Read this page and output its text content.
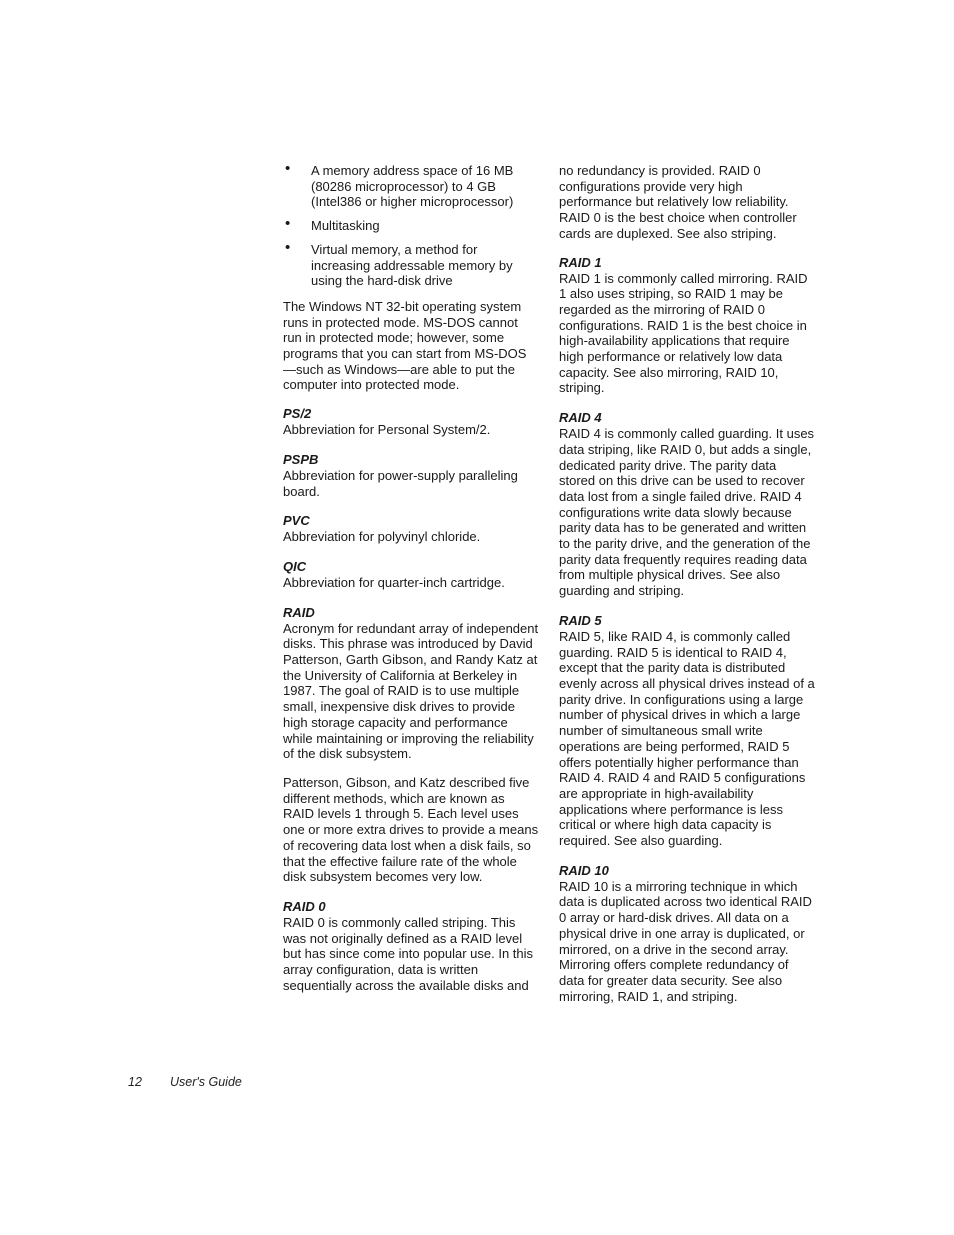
• A memory address space of 16 MB (80286 microprocessor) to 4 GB (Intel386 or higher microprocessor)
• Multitasking
• Virtual memory, a method for increasing addressable memory by using the hard-disk drive

The Windows NT 32-bit operating system runs in protected mode. MS-DOS cannot run in protected mode; however, some programs that you can start from MS-DOS—such as Windows—are able to put the computer into protected mode.

PS/2

Abbreviation for Personal System/2.

PSPB

Abbreviation for power-supply paralleling board.

PVC

Abbreviation for polyvinyl chloride.

QIC

Abbreviation for quarter-inch cartridge.

RAID

Acronym for redundant array of independent disks. This phrase was introduced by David Patterson, Garth Gibson, and Randy Katz at the University of California at Berkeley in 1987. The goal of RAID is to use multiple small, inexpensive disk drives to provide high storage capacity and performance while maintaining or improving the reliability of the disk subsystem.

Patterson, Gibson, and Katz described five different methods, which are known as RAID levels 1 through 5. Each level uses one or more extra drives to provide a means of recovering data lost when a disk fails, so that the effective failure rate of the whole disk subsystem becomes very low.

RAID 0

RAID 0 is commonly called striping. This was not originally defined as a RAID level but has since come into popular use. In this array configuration, data is written sequentially across the available disks and

no redundancy is provided. RAID 0 configurations provide very high performance but relatively low reliability. RAID 0 is the best choice when controller cards are duplexed. See also striping.

RAID 1

RAID 1 is commonly called mirroring. RAID 1 also uses striping, so RAID 1 may be regarded as the mirroring of RAID 0 configurations. RAID 1 is the best choice in high-availability applications that require high performance or relatively low data capacity. See also mirroring, RAID 10, striping.

RAID 4

RAID 4 is commonly called guarding. It uses data striping, like RAID 0, but adds a single, dedicated parity drive. The parity data stored on this drive can be used to recover data lost from a single failed drive. RAID 4 configurations write data slowly because parity data has to be generated and written to the parity drive, and the generation of the parity data frequently requires reading data from multiple physical drives. See also guarding and striping.

RAID 5

RAID 5, like RAID 4, is commonly called guarding. RAID 5 is identical to RAID 4, except that the parity data is distributed evenly across all physical drives instead of a parity drive. In configurations using a large number of physical drives in which a large number of simultaneous small write operations are being performed, RAID 5 offers potentially higher performance than RAID 4. RAID 4 and RAID 5 configurations are appropriate in high-availability applications where performance is less critical or where high data capacity is required. See also guarding.

RAID 10

RAID 10 is a mirroring technique in which data is duplicated across two identical RAID 0 array or hard-disk drives. All data on a physical drive in one array is duplicated, or mirrored, on a drive in the second array. Mirroring offers complete redundancy of data for greater data security. See also mirroring, RAID 1, and striping.

12 User's Guide
